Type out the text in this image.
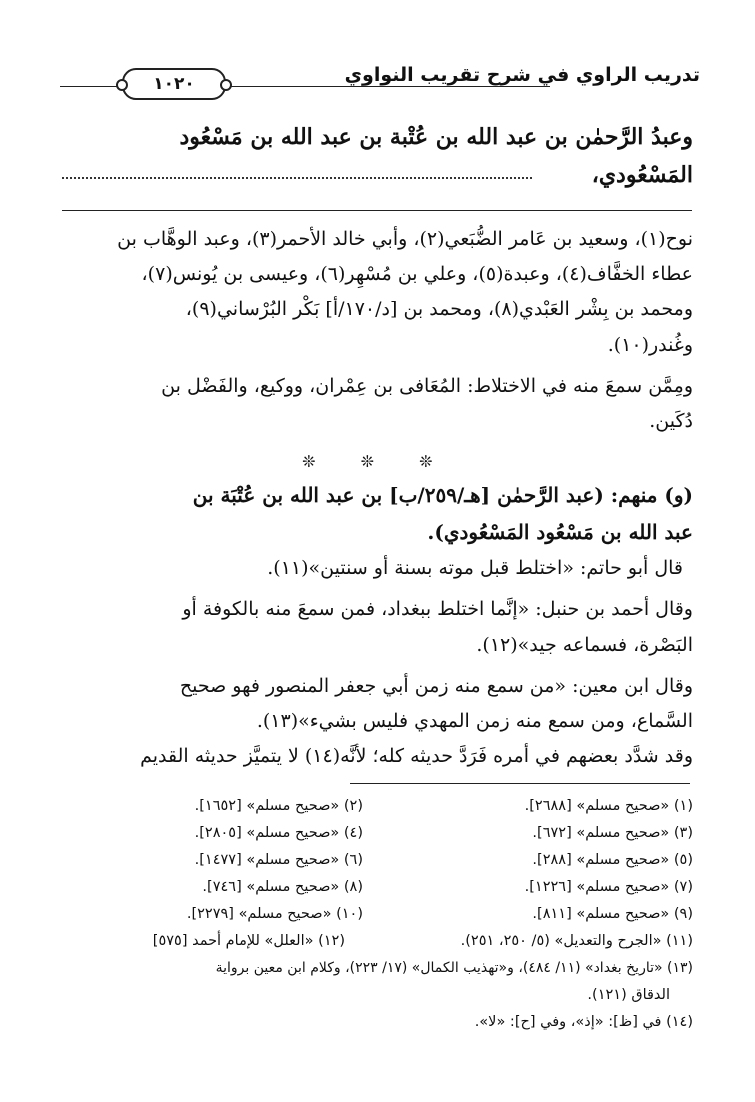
تدريب الراوي في شرح تقريب النواوي
١٠٢٠
وعبدُ الرَّحمٰن بن عبد الله بن عُتْبة بن عبد الله بن مَسْعُود
المَسْعُودي،
نوح(١)، وسعيد بن عَامر الضُّبَعي(٢)، وأبي خالد الأحمر(٣)، وعبد الوهَّاب بن
عطاء الخفَّاف(٤)، وعبدة(٥)، وعلي بن مُسْهِر(٦)، وعيسى بن يُونس(٧)،
ومحمد بن بِشْر العَبْدي(٨)، ومحمد بن [د/١٧٠/أ] بَكْر البُرْساني(٩)،
وغُندر(١٠).
ومِمَّن سمعَ منه في الاختلاط: المُعَافى بن عِمْران، ووكيع، والفَضْل بن
دُكَين.
❊ ❊ ❊
(و) منهم: (عبد الرَّحمٰن [هـ/٢٥٩/ب] بن عبد الله بن عُتْبَة بن
عبد الله بن مَسْعُود المَسْعُودي).
قال أبو حاتم: «اختلط قبل موته بسنة أو سنتين»(١١).
وقال أحمد بن حنبل: «إنَّما اختلط ببغداد، فمن سمعَ منه بالكوفة أو
البَصْرة، فسماعه جيد»(١٢).
وقال ابن معين: «من سمع منه زمن أبي جعفر المنصور فهو صحيح
السَّماع، ومن سمع منه زمن المهدي فليس بشيء»(١٣).
وقد شدَّد بعضهم في أمره فَرَدَّ حديثه كله؛ لأنَّه(١٤) لا يتميَّز حديثه القديم
(١) «صحيح مسلم» [٢٦٨٨].
(٢) «صحيح مسلم» [١٦٥٢].
(٣) «صحيح مسلم» [٦٧٢].
(٤) «صحيح مسلم» [٢٨٠٥].
(٥) «صحيح مسلم» [٢٨٨].
(٦) «صحيح مسلم» [١٤٧٧].
(٧) «صحيح مسلم» [١٢٢٦].
(٨) «صحيح مسلم» [٧٤٦].
(٩) «صحيح مسلم» [٨١١].
(١٠) «صحيح مسلم» [٢٢٧٩].
(١١) «الجرح والتعديل» (٥/ ٢٥٠، ٢٥١).
(١٢) «العلل» للإمام أحمد [٥٧٥]
(١٣) «تاريخ بغداد» (١١/ ٤٨٤)، و«تهذيب الكمال» (١٧/ ٢٢٣)، وكلام ابن معين برواية
الدقاق (١٢١).
(١٤) في [ظ]: «إذ»، وفي [ح]: «لا».
